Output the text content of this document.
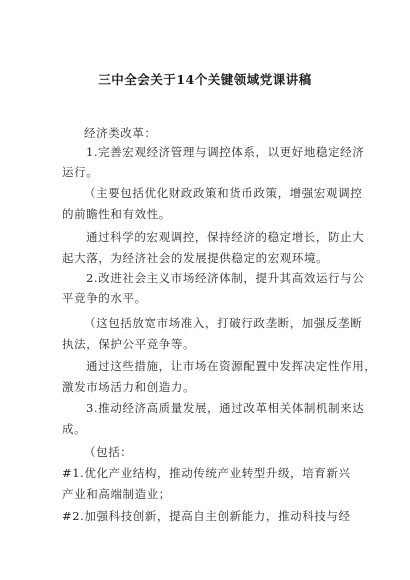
三中全会关于14个关键领域党课讲稿
经济类改革：
1.完善宏观经济管理与调控体系，以更好地稳定经济
运行。
（主要包括优化财政政策和货币政策，增强宏观调控
的前瞻性和有效性。
通过科学的宏观调控，保持经济的稳定增长，防止大
起大落，为经济社会的发展提供稳定的宏观环境。
2.改进社会主义市场经济体制，提升其高效运行与公
平竞争的水平。
（这包括放宽市场准入，打破行政垄断，加强反垄断
执法，保护公平竞争等。
通过这些措施，让市场在资源配置中发挥决定性作用，
激发市场活力和创造力。
3.推动经济高质量发展，通过改革相关体制机制来达
成。
（包括：
#1.优化产业结构，推动传统产业转型升级，培育新兴
产业和高端制造业；
#2.加强科技创新，提高自主创新能力，推动科技与经
